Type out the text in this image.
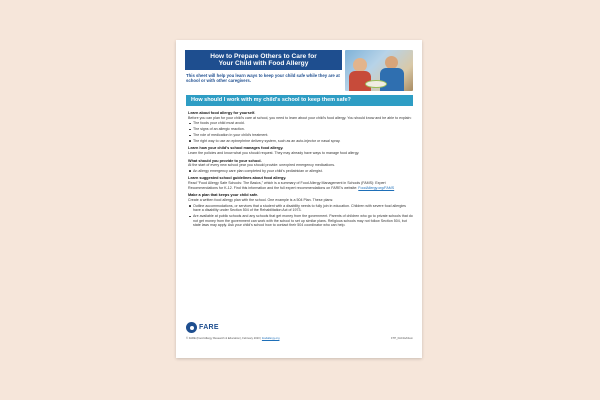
How to Prepare Others to Care for
Your Child with Food Allergy
This sheet will help you learn ways to keep your child safe while they are at school or with other caregivers.
How should I work with my child's school to keep them safe?
Learn about food allergy for yourself.

Before you can plan for your child's care at school, you need to learn about your child's food allergy. You should know and be able to explain:

The foods your child must avoid.
The signs of an allergic reaction.
The role of medication in your child's treatment.
The right way to use an epinephrine delivery system, such as an auto-injector or nasal spray.
Learn how your child's school manages food allergy.

Learn the policies and know what you should request. They may already have ways to manage food allergy.

What should you provide to your school.

At the start of every new school year you should provide: unexpired emergency medications.

An allergy emergency care plan completed by your child's pediatrician or allergist.
Learn suggested school guidelines about food allergy.

Read "Food Allergy Safe Schools: The Basics," which is a summary of Food Allergy Management in Schools (FAMS): Expert Recommendations for K-12. Find this information and the full expert recommendations on FARE's website: FoodAllergy.org/FAMS

Make a plan that keeps your child safe.

Create a written food allergy plan with the school. One example is a 504 Plan. These plans:

Outline accommodations, or services that a student with a disability needs to fully join in education. Children with severe food allergies have a disability under Section 504 of the Rehabilitation Act of 1973.
Are available at public schools and any schools that get money from the government. Parents of children who go to private schools that do not get money from the government can work with the school to set up similar plans. Religious schools may not follow Section 504, but state laws may apply. Ask your child's school how to contact their 504 coordinator who can help.
FARE
© FARE (Food Allergy Research & Education), February 2023 | foodallergy.org	FTP_FACtGASum
